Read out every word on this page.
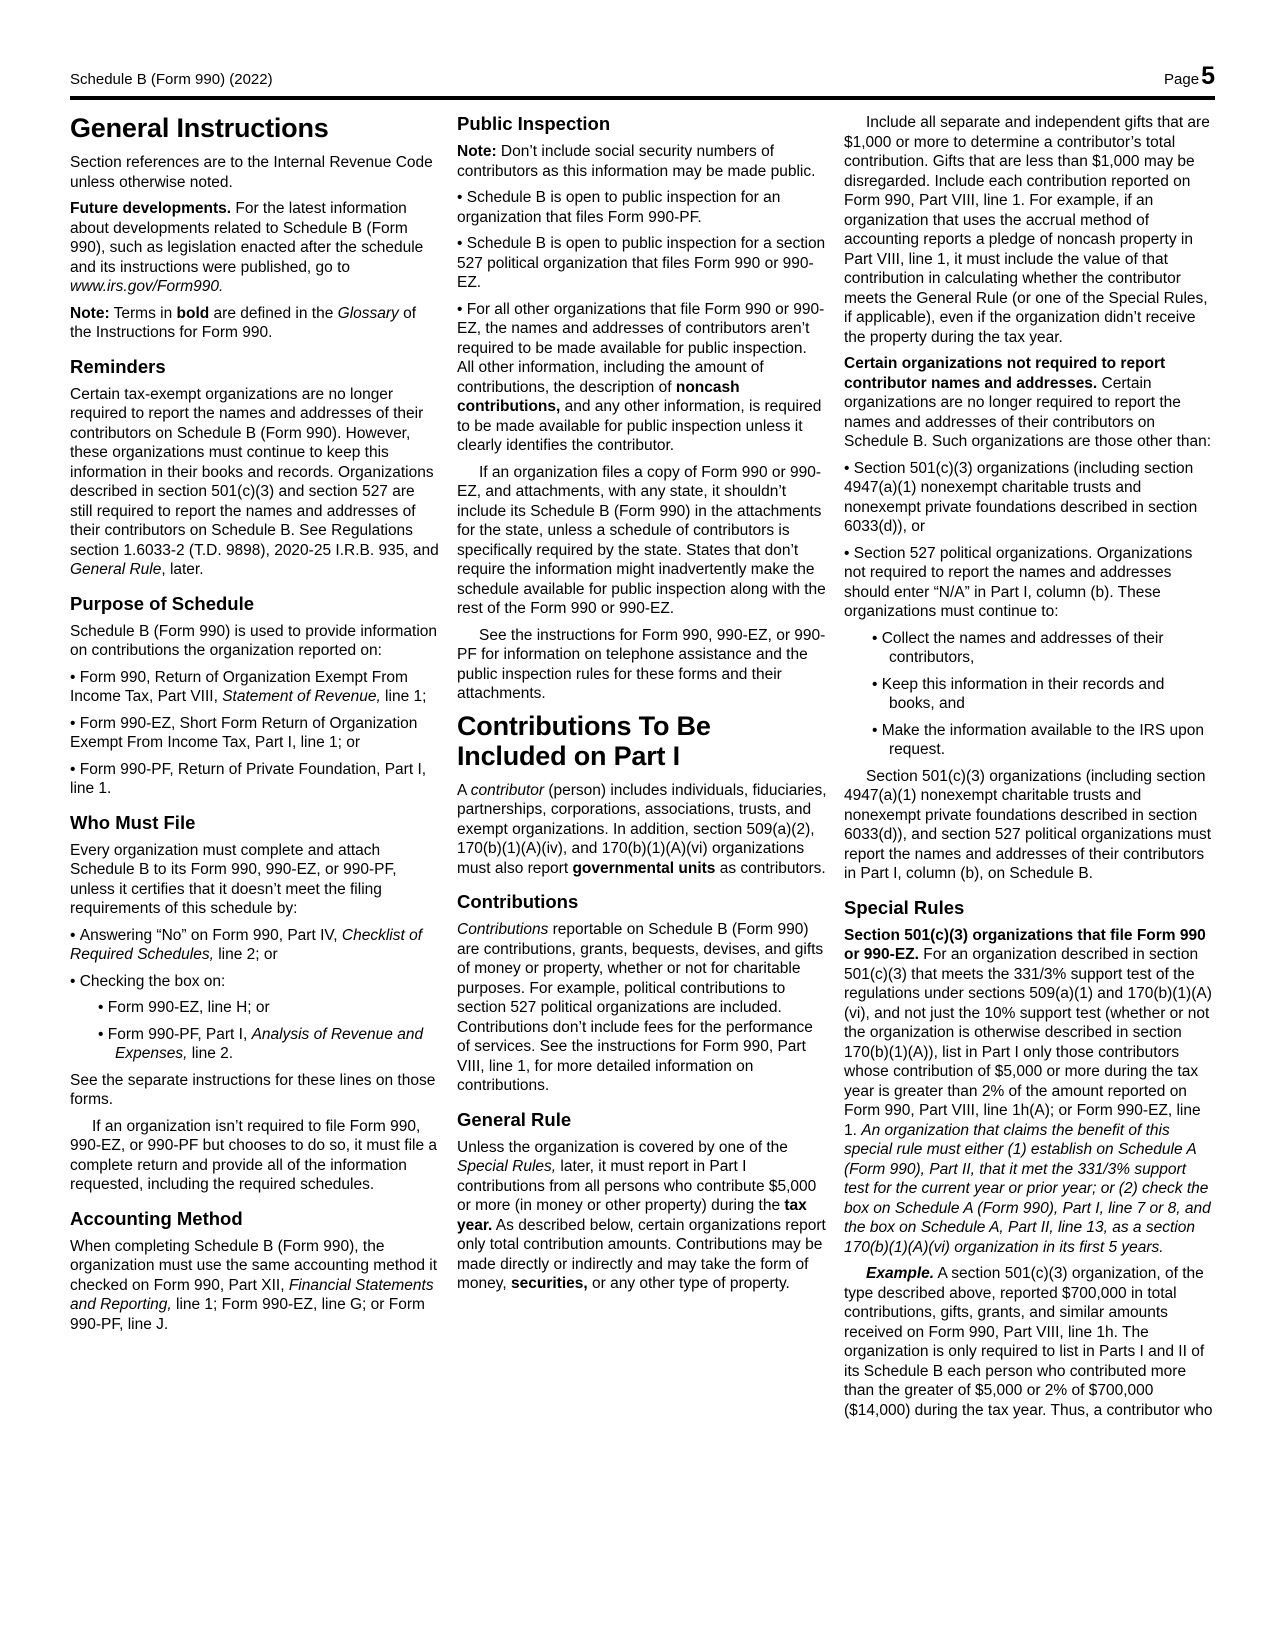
Schedule B (Form 990) (2022)	Page5
General Instructions

Section references are to the Internal Revenue Code unless otherwise noted.

Future developments. For the latest information about developments related to Schedule B (Form 990), such as legislation enacted after the schedule and its instructions were published, go to www.irs.gov/Form990.

Note: Terms in bold are defined in the Glossary of the Instructions for Form 990.

Reminders

Certain tax-exempt organizations are no longer required to report the names and addresses of their contributors on Schedule B (Form 990). However, these organizations must continue to keep this information in their books and records. Organizations described in section 501(c)(3) and section 527 are still required to report the names and addresses of their contributors on Schedule B. See Regulations section 1.6033-2 (T.D. 9898), 2020-25 I.R.B. 935, and General Rule, later.

Purpose of Schedule

Schedule B (Form 990) is used to provide information on contributions the organization reported on:

• Form 990, Return of Organization Exempt From Income Tax, Part VIII, Statement of Revenue, line 1;

• Form 990-EZ, Short Form Return of Organization Exempt From Income Tax, Part I, line 1; or

• Form 990-PF, Return of Private Foundation, Part I, line 1.

Who Must File

Every organization must complete and attach Schedule B to its Form 990, 990-EZ, or 990-PF, unless it certifies that it doesn’t meet the filing requirements of this schedule by:

• Answering “No” on Form 990, Part IV, Checklist of Required Schedules, line 2; or

• Checking the box on:

• Form 990-EZ, line H; or

• Form 990-PF, Part I, Analysis of Revenue and Expenses, line 2.

See the separate instructions for these lines on those forms.

If an organization isn’t required to file Form 990, 990-EZ, or 990-PF but chooses to do so, it must file a complete return and provide all of the information requested, including the required schedules.

Accounting Method

When completing Schedule B (Form 990), the organization must use the same accounting method it checked on Form 990, Part XII, Financial Statements and Reporting, line 1; Form 990-EZ, line G; or Form 990-PF, line J.

Public Inspection

Note: Don’t include social security numbers of contributors as this information may be made public.

• Schedule B is open to public inspection for an organization that files Form 990-PF.

• Schedule B is open to public inspection for a section 527 political organization that files Form 990 or 990-EZ.

• For all other organizations that file Form 990 or 990-EZ, the names and addresses of contributors aren’t required to be made available for public inspection. All other information, including the amount of contributions, the description of noncash contributions, and any other information, is required to be made available for public inspection unless it clearly identifies the contributor.

If an organization files a copy of Form 990 or 990-EZ, and attachments, with any state, it shouldn’t include its Schedule B (Form 990) in the attachments for the state, unless a schedule of contributors is specifically required by the state. States that don’t require the information might inadvertently make the schedule available for public inspection along with the rest of the Form 990 or 990-EZ.

See the instructions for Form 990, 990-EZ, or 990-PF for information on telephone assistance and the public inspection rules for these forms and their attachments.

Contributions To Be Included on Part I

A contributor (person) includes individuals, fiduciaries, partnerships, corporations, associations, trusts, and exempt organizations. In addition, section 509(a)(2), 170(b)(1)(A)(iv), and 170(b)(1)(A)(vi) organizations must also report governmental units as contributors.

Contributions

Contributions reportable on Schedule B (Form 990) are contributions, grants, bequests, devises, and gifts of money or property, whether or not for charitable purposes. For example, political contributions to section 527 political organizations are included. Contributions don’t include fees for the performance of services. See the instructions for Form 990, Part VIII, line 1, for more detailed information on contributions.

General Rule

Unless the organization is covered by one of the Special Rules, later, it must report in Part I contributions from all persons who contribute $5,000 or more (in money or other property) during the tax year. As described below, certain organizations report only total contribution amounts. Contributions may be made directly or indirectly and may take the form of money, securities, or any other type of property.

Include all separate and independent gifts that are $1,000 or more to determine a contributor’s total contribution. Gifts that are less than $1,000 may be disregarded. Include each contribution reported on Form 990, Part VIII, line 1. For example, if an organization that uses the accrual method of accounting reports a pledge of noncash property in Part VIII, line 1, it must include the value of that contribution in calculating whether the contributor meets the General Rule (or one of the Special Rules, if applicable), even if the organization didn’t receive the property during the tax year.

Certain organizations not required to report contributor names and addresses. Certain organizations are no longer required to report the names and addresses of their contributors on Schedule B. Such organizations are those other than:

• Section 501(c)(3) organizations (including section 4947(a)(1) nonexempt charitable trusts and nonexempt private foundations described in section 6033(d)), or

• Section 527 political organizations. Organizations not required to report the names and addresses should enter “N/A” in Part I, column (b). These organizations must continue to:

• Collect the names and addresses of their contributors,

• Keep this information in their records and books, and

• Make the information available to the IRS upon request.

Section 501(c)(3) organizations (including section 4947(a)(1) nonexempt charitable trusts and nonexempt private foundations described in section 6033(d)), and section 527 political organizations must report the names and addresses of their contributors in Part I, column (b), on Schedule B.

Special Rules

Section 501(c)(3) organizations that file Form 990 or 990-EZ. For an organization described in section 501(c)(3) that meets the 331/3% support test of the regulations under sections 509(a)(1) and 170(b)(1)(A)(vi), and not just the 10% support test (whether or not the organization is otherwise described in section 170(b)(1)(A)), list in Part I only those contributors whose contribution of $5,000 or more during the tax year is greater than 2% of the amount reported on Form 990, Part VIII, line 1h(A); or Form 990-EZ, line 1. An organization that claims the benefit of this special rule must either (1) establish on Schedule A (Form 990), Part II, that it met the 331/3% support test for the current year or prior year; or (2) check the box on Schedule A (Form 990), Part I, line 7 or 8, and the box on Schedule A, Part II, line 13, as a section 170(b)(1)(A)(vi) organization in its first 5 years.

Example. A section 501(c)(3) organization, of the type described above, reported $700,000 in total contributions, gifts, grants, and similar amounts received on Form 990, Part VIII, line 1h. The organization is only required to list in Parts I and II of its Schedule B each person who contributed more than the greater of $5,000 or 2% of $700,000 ($14,000) during the tax year. Thus, a contributor who
